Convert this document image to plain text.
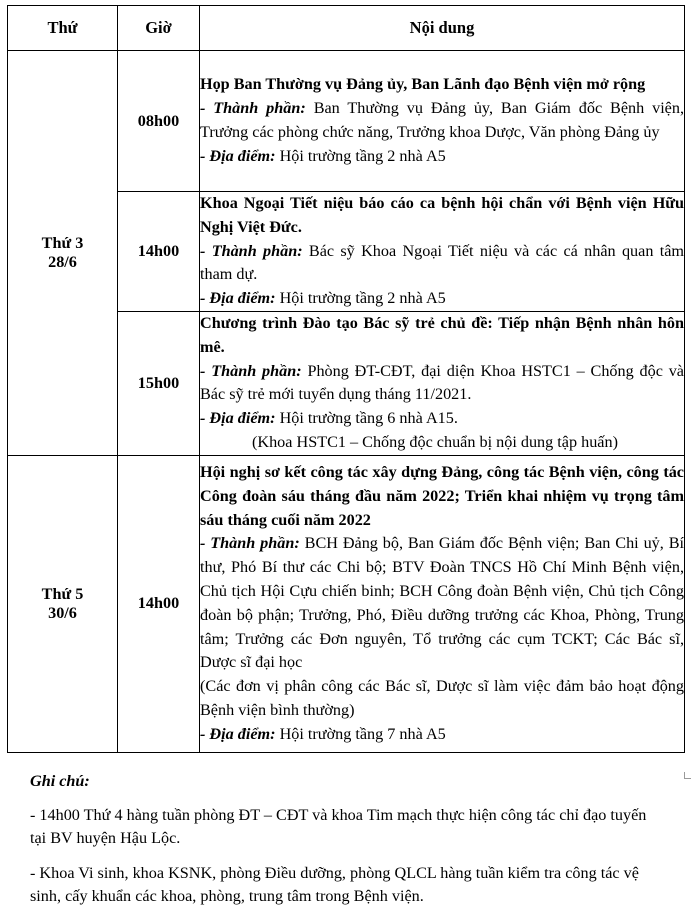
Thứ	Giờ	Nội dung

Thứ 3
28/6	08h00	Họp Ban Thường vụ Đảng ủy, Ban Lãnh đạo Bệnh viện mở rộng
- Thành phần: Ban Thường vụ Đảng ủy, Ban Giám đốc Bệnh viện, Trưởng các phòng chức năng, Trưởng khoa Dược, Văn phòng Đảng ủy
- Địa điểm: Hội trường tầng 2 nhà A5

	14h00	Khoa Ngoại Tiết niệu báo cáo ca bệnh hội chẩn với Bệnh viện Hữu Nghị Việt Đức.
- Thành phần: Bác sỹ Khoa Ngoại Tiết niệu và các cá nhân quan tâm tham dự.
- Địa điểm: Hội trường tầng 2 nhà A5

	15h00	Chương trình Đào tạo Bác sỹ trẻ chủ đề: Tiếp nhận Bệnh nhân hôn mê.
- Thành phần: Phòng ĐT-CĐT, đại diện Khoa HSTC1 – Chống độc và Bác sỹ trẻ mới tuyển dụng tháng 11/2021.
- Địa điểm: Hội trường tầng 6 nhà A15.
(Khoa HSTC1 – Chống độc chuẩn bị nội dung tập huấn)

Thứ 5
30/6	14h00	Hội nghị sơ kết công tác xây dựng Đảng, công tác Bệnh viện, công tác Công đoàn sáu tháng đầu năm 2022; Triển khai nhiệm vụ trọng tâm sáu tháng cuối năm 2022
- Thành phần: BCH Đảng bộ, Ban Giám đốc Bệnh viện; Ban Chi uỷ, Bí thư, Phó Bí thư các Chi bộ; BTV Đoàn TNCS Hồ Chí Minh Bệnh viện, Chủ tịch Hội Cựu chiến binh; BCH Công đoàn Bệnh viện, Chủ tịch Công đoàn bộ phận; Trưởng, Phó, Điều dưỡng trưởng các Khoa, Phòng, Trung tâm; Trưởng các Đơn nguyên, Tổ trưởng các cụm TCKT; Các Bác sĩ, Dược sĩ đại học
(Các đơn vị phân công các Bác sĩ, Dược sĩ làm việc đảm bảo hoạt động Bệnh viện bình thường)
- Địa điểm: Hội trường tầng 7 nhà A5
Ghi chú:

- 14h00 Thứ 4 hàng tuần phòng ĐT – CĐT và khoa Tim mạch thực hiện công tác chỉ đạo tuyến tại BV huyện Hậu Lộc.

- Khoa Vi sinh, khoa KSNK, phòng Điều dưỡng, phòng QLCL hàng tuần kiểm tra công tác vệ sinh, cấy khuẩn các khoa, phòng, trung tâm trong Bệnh viện.
